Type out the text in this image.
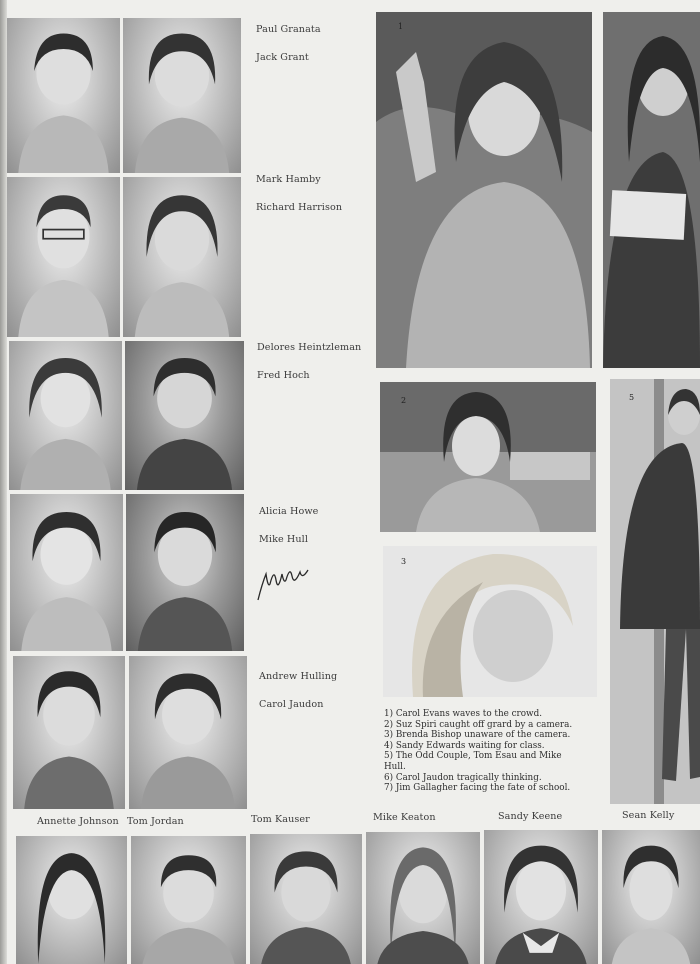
Paul Granata
Jack Grant
Mark Hamby
Richard Harrison
Delores Heintzleman
Fred Hoch
Alicia Howe
Mike Hull
Andrew Hulling
Carol Jaudon
1
2	5
3
1) Carol Evans waves to the crowd.
2) Suz Spiri caught off grard by a camera.
3) Brenda Bishop unaware of the camera.
4) Sandy Edwards waiting for class.
5) The Odd Couple, Tom Esau and Mike
Hull.
6) Carol Jaudon tragically thinking.
7) Jim Gallagher facing the fate of school.
Annette Johnson Tom Jordan	Tom Kauser	Mike Keaton	Sandy Keene	Sean Kelly
